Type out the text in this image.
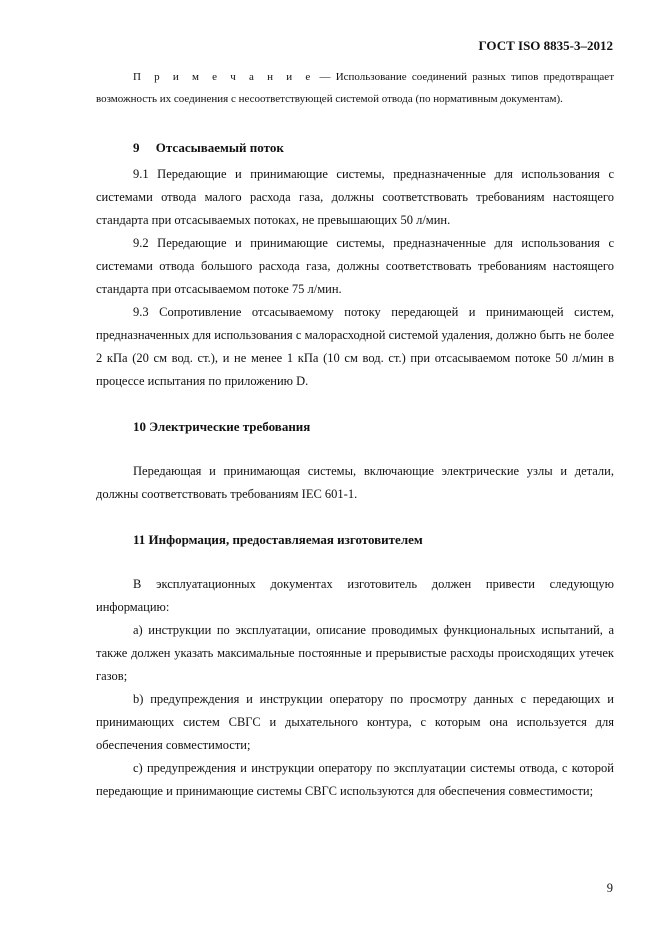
ГОСТ ISO 8835-3–2012

П р и м е ч а н и е — Использование соединений разных типов предотвращает возможность их соединения с несоответствующей системой отвода (по нормативным документам).

9  Отсасываемый поток

9.1 Передающие и принимающие системы, предназначенные для использования с системами отвода малого расхода газа, должны соответствовать требованиям настоящего стандарта при отсасываемых потоках, не превышающих 50 л/мин.

9.2 Передающие и принимающие системы, предназначенные для использования с системами отвода большого расхода газа, должны соответствовать требованиям настоящего стандарта при отсасываемом потоке 75 л/мин.

9.3 Сопротивление отсасываемому потоку передающей и принимающей систем, предназначенных для использования с малорасходной системой удаления, должно быть не более 2 кПа (20 см вод. ст.), и не менее 1 кПа (10 см вод. ст.) при отсасываемом потоке 50 л/мин в процессе испытания по приложению D.

10 Электрические требования

Передающая и принимающая системы, включающие электрические узлы и детали, должны соответствовать требованиям IEC 601-1.

11 Информация, предоставляемая изготовителем

В эксплуатационных документах изготовитель должен привести следующую информацию:

а) инструкции по эксплуатации, описание проводимых функциональных испытаний, а также должен указать максимальные постоянные и прерывистые расходы происходящих утечек газов;

b) предупреждения и инструкции оператору по просмотру данных с передающих и принимающих систем СВГС и дыхательного контура, с которым она используется для обеспечения совместимости;

c) предупреждения и инструкции оператору по эксплуатации системы отвода, с которой передающие и принимающие системы СВГС используются для обеспечения совместимости;

9
